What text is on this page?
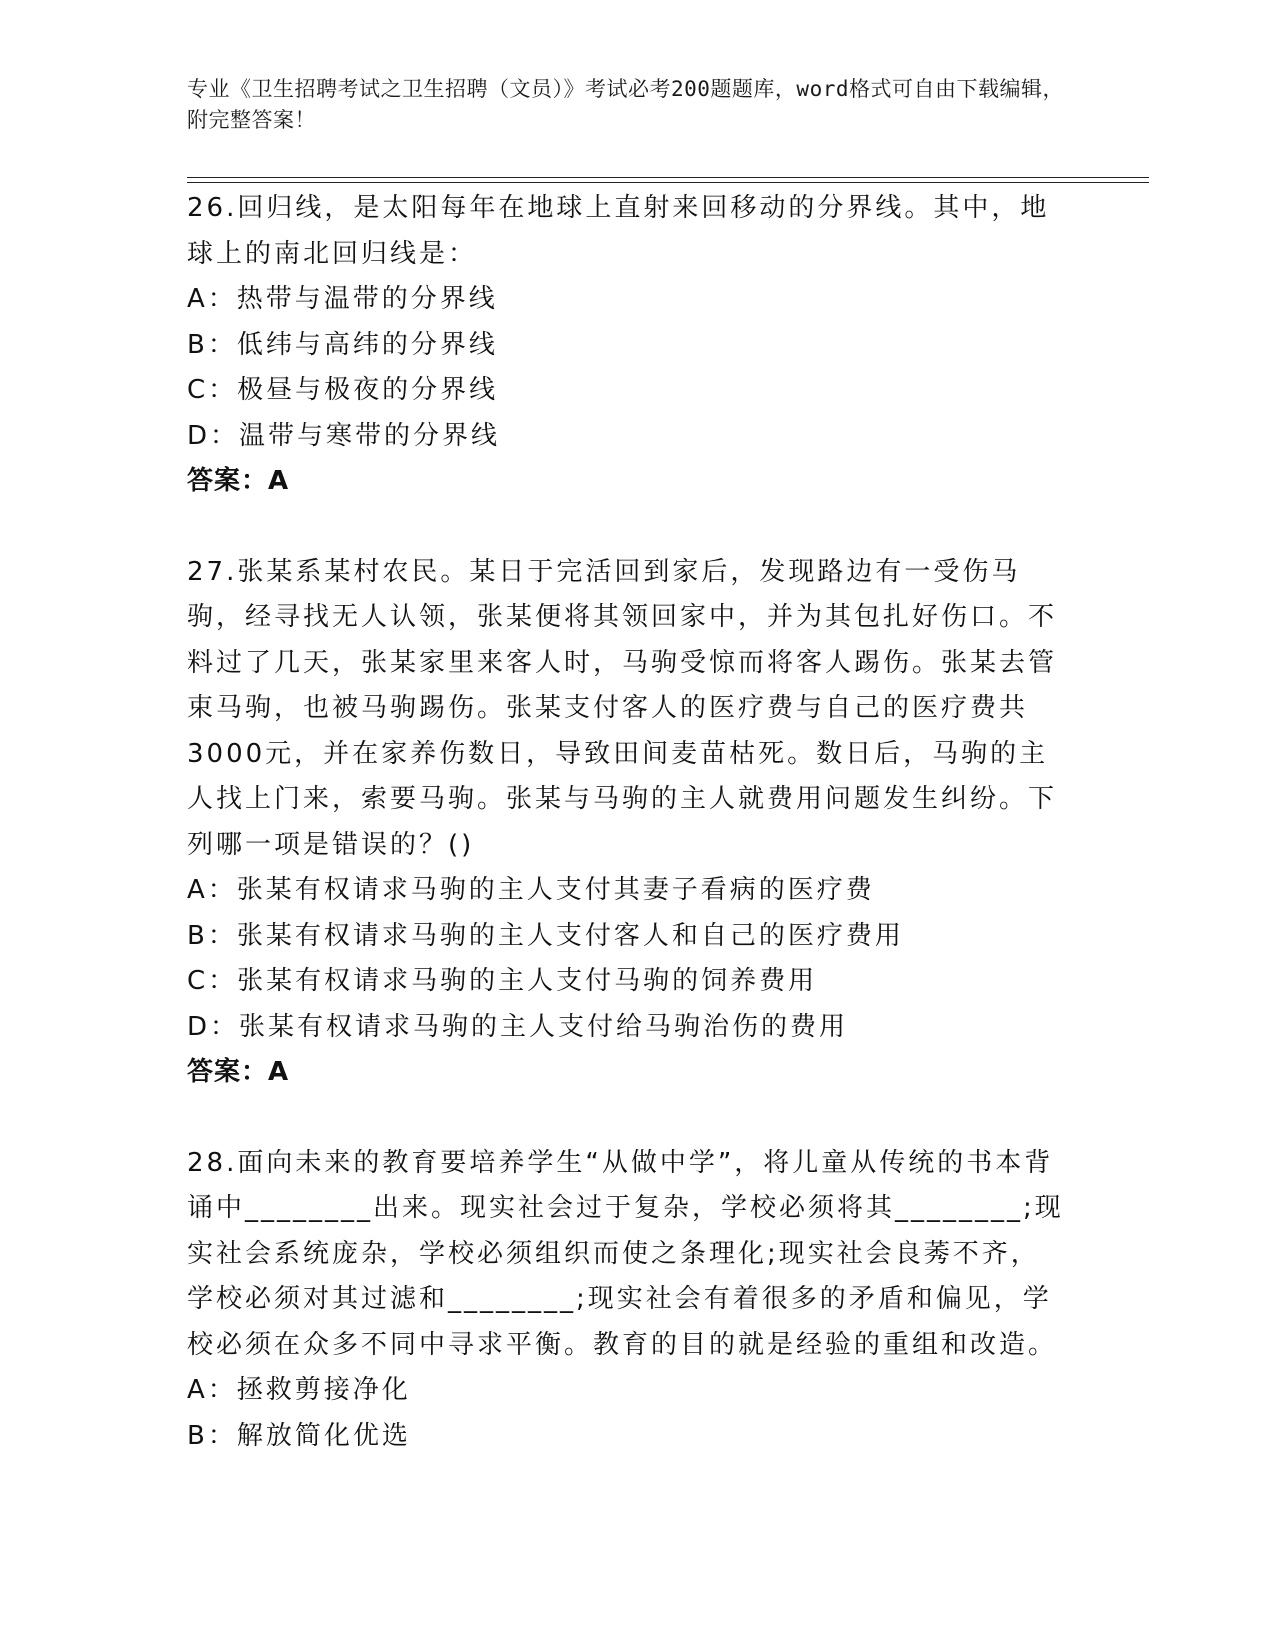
专业《卫生招聘考试之卫生招聘（文员）》考试必考200题题库，word格式可自由下载编辑，附完整答案！

26.回归线，是太阳每年在地球上直射来回移动的分界线。其中，地球上的南北回归线是：

A：热带与温带的分界线

B：低纬与高纬的分界线

C：极昼与极夜的分界线

D：温带与寒带的分界线

答案：A

27.张某系某村农民。某日于完活回到家后，发现路边有一受伤马驹，经寻找无人认领，张某便将其领回家中，并为其包扎好伤口。不料过了几天，张某家里来客人时，马驹受惊而将客人踢伤。张某去管束马驹，也被马驹踢伤。张某支付客人的医疗费与自己的医疗费共3000元，并在家养伤数日，导致田间麦苗枯死。数日后，马驹的主人找上门来，索要马驹。张某与马驹的主人就费用问题发生纠纷。下列哪一项是错误的？()

A：张某有权请求马驹的主人支付其妻子看病的医疗费

B：张某有权请求马驹的主人支付客人和自己的医疗费用

C：张某有权请求马驹的主人支付马驹的饲养费用

D：张某有权请求马驹的主人支付给马驹治伤的费用

答案：A

28.面向未来的教育要培养学生“从做中学”，将儿童从传统的书本背诵中________出来。现实社会过于复杂，学校必须将其________;现实社会系统庞杂，学校必须组织而使之条理化;现实社会良莠不齐，学校必须对其过滤和________;现实社会有着很多的矛盾和偏见，学校必须在众多不同中寻求平衡。教育的目的就是经验的重组和改造。

A：拯救剪接净化

B：解放简化优选
